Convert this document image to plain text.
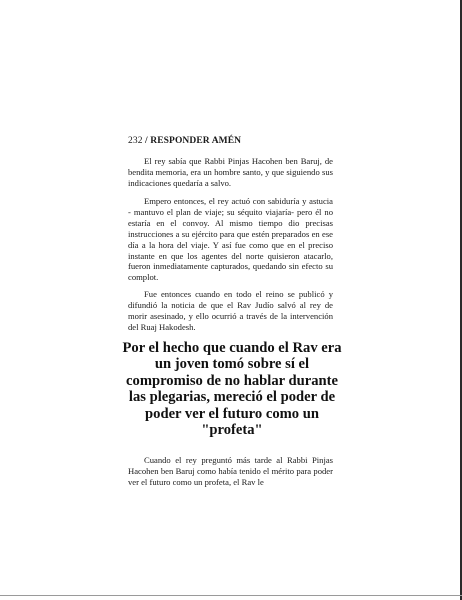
232 / RESPONDER AMÉN

El rey sabía que Rabbi Pinjas Hacohen ben Baruj, de bendita memoria, era un hombre santo, y que siguiendo sus indicaciones quedaría a salvo.

Empero entonces, el rey actuó con sabiduría y astucia - mantuvo el plan de viaje; su séquito viajaría- pero él no estaría en el convoy. Al mismo tiempo dio precisas instrucciones a su ejército para que estén preparados en ese día a la hora del viaje. Y así fue como que en el preciso instante en que los agentes del norte quisieron atacarlo, fueron inmediatamente capturados, quedando sin efecto su complot.

Fue entonces cuando en todo el reino se publicó y difundió la noticia de que el Rav Judío salvó al rey de morir asesinado, y ello ocurrió a través de la intervención del Ruaj Hakodesh.

Por el hecho que cuando el Rav era un joven tomó sobre sí el compromiso de no hablar durante las plegarias, mereció el poder de poder ver el futuro como un "profeta"

Cuando el rey preguntó más tarde al Rabbi Pinjas Hacohen ben Baruj como había tenido el mérito para poder ver el futuro como un profeta, el Rav le
